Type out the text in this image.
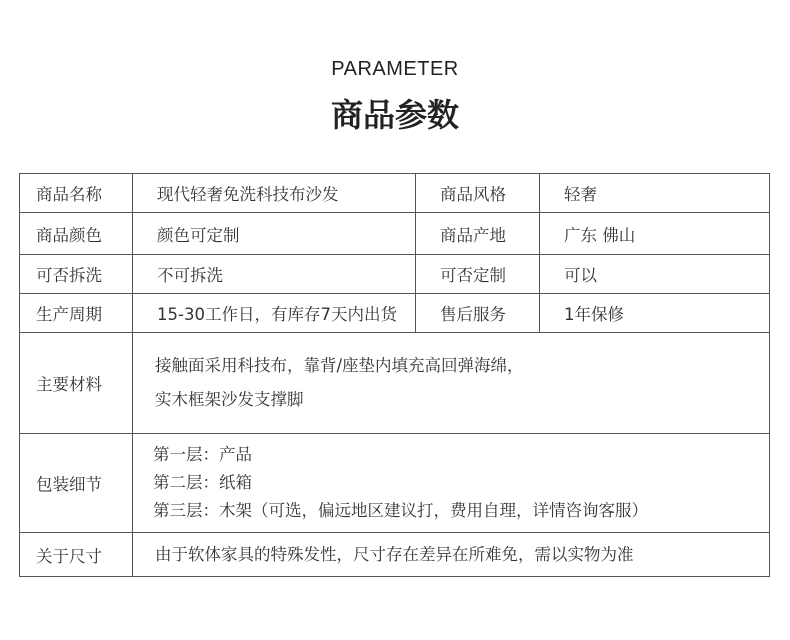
PARAMETER
商品参数
商品名称	现代轻奢免洗科技布沙发	商品风格	轻奢
商品颜色	颜色可定制	商品产地	广东 佛山
可否拆洗	不可拆洗	可否定制	可以
生产周期	15-30工作日，有库存7天内出货	售后服务	1年保修
主要材料	接触面采用科技布，靠背/座垫内填充高回弹海绵，
实木框架沙发支撑脚		

包装细节	第一层：产品
第二层：纸箱
第三层：木架（可选，偏远地区建议打，费用自理，详情咨询客服）		

关于尺寸	由于软体家具的特殊发性，尺寸存在差异在所难免，需以实物为准		
